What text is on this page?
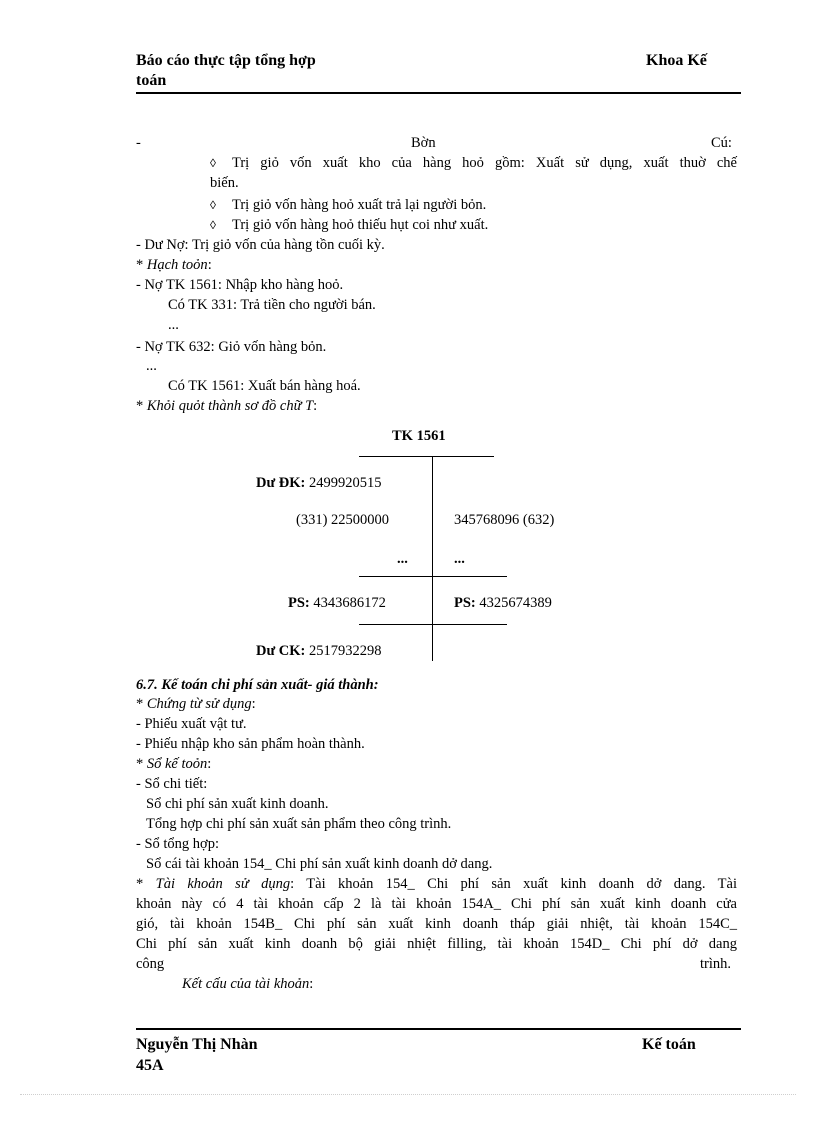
Báo cáo thực tập tổng hợp	Khoa Kế
toán
-	Bờn	Cú:
◊ Trị giỏ vốn xuất kho của hàng hoỏ gồm: Xuất sử dụng, xuất thuờ chế
biến.
◊ Trị giỏ vốn hàng hoỏ xuất trả lại người bỏn.
◊ Trị giỏ vốn hàng hoỏ thiếu hụt coi như xuất.
- Dư Nợ: Trị giỏ vốn của hàng tồn cuối kỳ.
* Hạch toỏn:
- Nợ TK 1561: Nhập kho hàng hoỏ.
Có TK 331: Trả tiền cho người bán.
...
- Nợ TK 632: Giỏ vốn hàng bỏn.
...
Có TK 1561: Xuất bán hàng hoá.
* Khỏi quỏt thành sơ đồ chữ T:
TK 1561
Dư ĐK: 2499920515
(331) 22500000	345768096 (632)
...	...
PS: 4343686172	PS: 4325674389
Dư CK: 2517932298
6.7. Kế toán chi phí sản xuất- giá thành:
* Chứng từ sử dụng:
- Phiếu xuất vật tư.
- Phiếu nhập kho sản phẩm hoàn thành.
* Sổ kế toỏn:
- Sổ chi tiết:
Sổ chi phí sản xuất kinh doanh.
Tổng hợp chi phí sản xuất sản phẩm theo công trình.
- Sổ tổng hợp:
Sổ cái tài khoản 154_ Chi phí sản xuất kinh doanh dở dang.
* Tài khoản sử dụng: Tài khoản 154_ Chi phí sản xuất kinh doanh dở dang. Tài
khoản này có 4 tài khoản cấp 2 là tài khoản 154A_ Chi phí sản xuất kinh doanh cửa
gió, tài khoản 154B_ Chi phí sản xuất kinh doanh tháp giải nhiệt, tài khoản 154C_
Chi phí sản xuất kinh doanh bộ giải nhiệt filling, tài khoản 154D_ Chi phí dở dang
công	trình.
Kết cấu của tài khoản:
Nguyễn Thị Nhàn	Kế toán
45A
